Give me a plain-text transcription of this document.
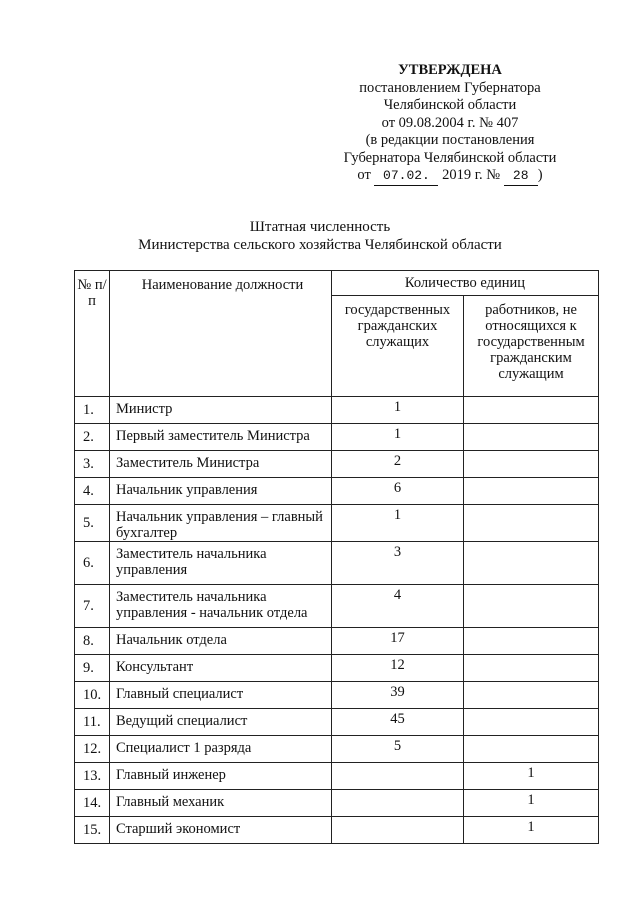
УТВЕРЖДЕНА
постановлением Губернатора
Челябинской области
от 09.08.2004 г. № 407
(в редакции постановления
Губернатора Челябинской области
от 07.02. 2019 г. № 28 )
Штатная численность
Министерства сельского хозяйства Челябинской области
№ п/п	Наименование должности	Количество единиц	
		государственных гражданских служащих	работников, не относящихся к государственным гражданским служащим
1.	Министр	1	
2.	Первый заместитель Министра	1	
3.	Заместитель Министра	2	
4.	Начальник управления	6	
5.	Начальник управления – главный бухгалтер	1	
6.	Заместитель начальника управления	3	
7.	Заместитель начальника управления - начальник отдела	4	
8.	Начальник отдела	17	
9.	Консультант	12	
10.	Главный специалист	39	
11.	Ведущий специалист	45	
12.	Специалист 1 разряда	5	
13.	Главный инженер		1
14.	Главный механик		1
15.	Старший экономист		1
